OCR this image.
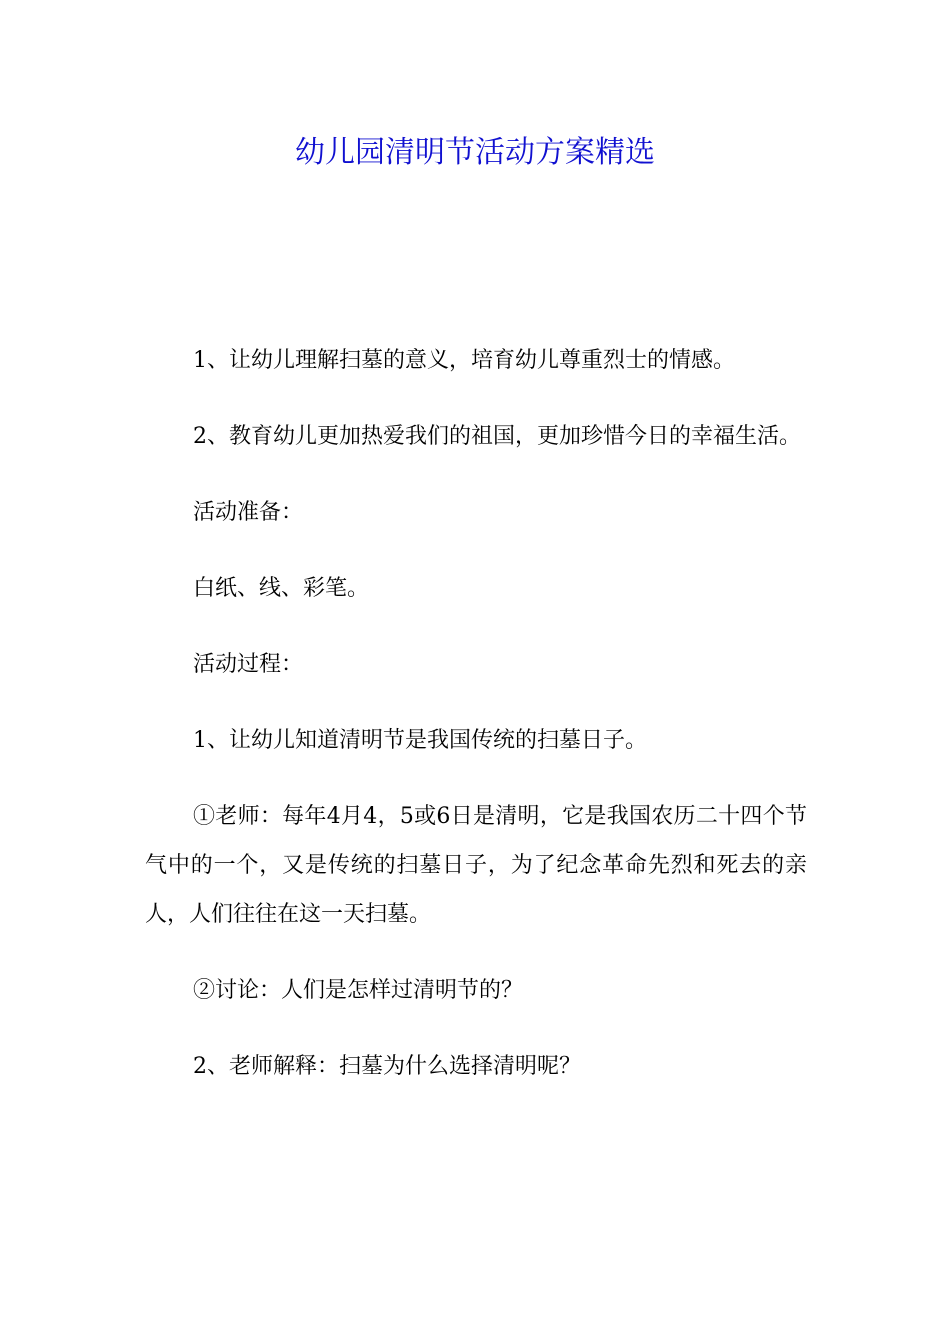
幼儿园清明节活动方案精选

1、让幼儿理解扫墓的意义，培育幼儿尊重烈士的情感。

2、教育幼儿更加热爱我们的祖国，更加珍惜今日的幸福生活。

活动准备：

白纸、线、彩笔。

活动过程：

1、让幼儿知道清明节是我国传统的扫墓日子。

①老师：每年4月4，5或6日是清明，它是我国农历二十四个节气中的一个，又是传统的扫墓日子，为了纪念革命先烈和死去的亲人，人们往往在这一天扫墓。

②讨论：人们是怎样过清明节的？

2、老师解释：扫墓为什么选择清明呢？
